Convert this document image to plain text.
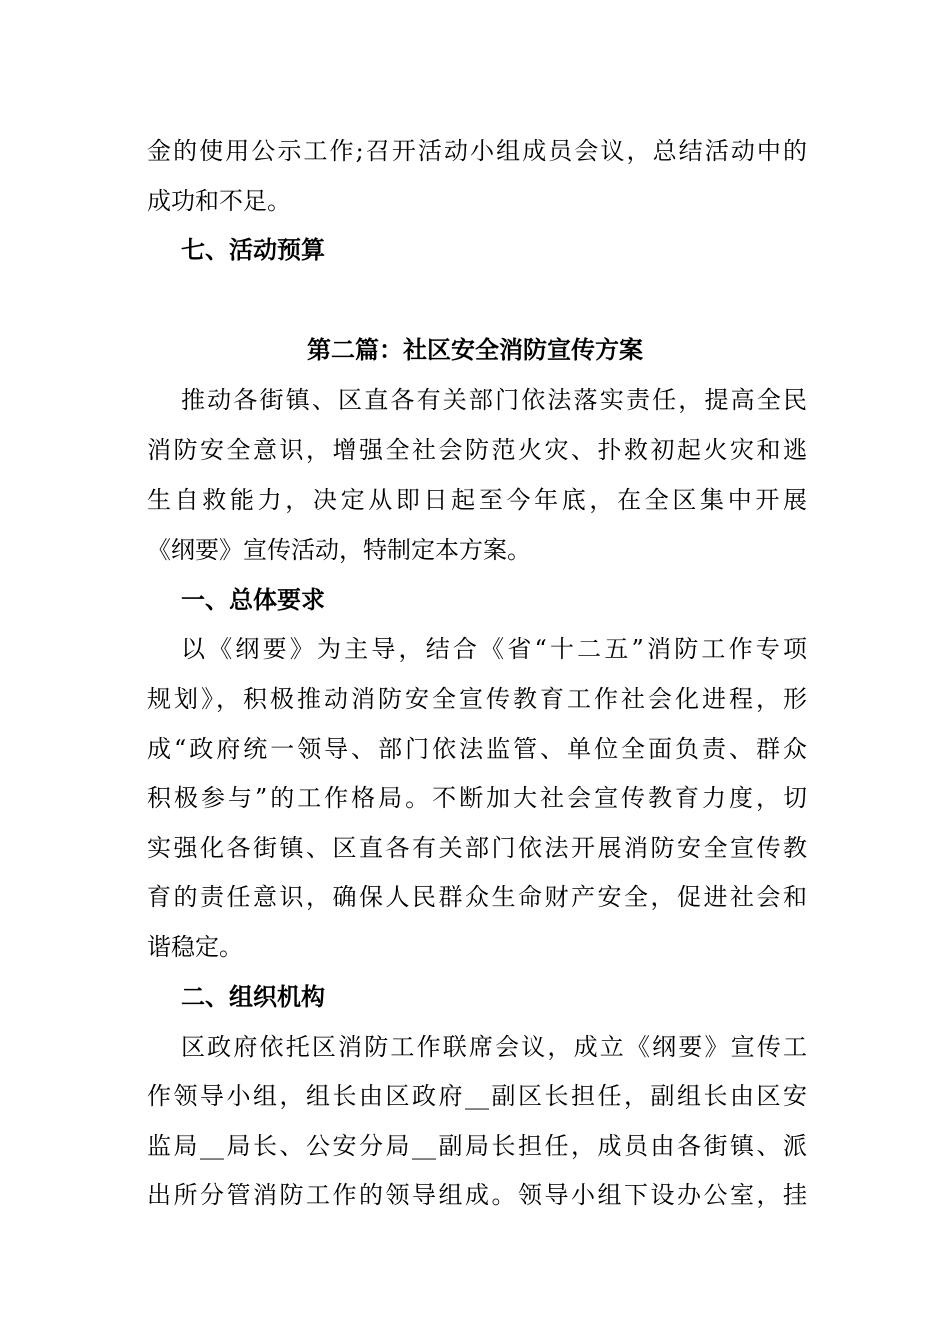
金的使用公示工作;召开活动小组成员会议，总结活动中的

成功和不足。

七、活动预算
第二篇：社区安全消防宣传方案

推动各街镇、区直各有关部门依法落实责任，提高全民

消防安全意识，增强全社会防范火灾、扑救初起火灾和逃

生自救能力，决定从即日起至今年底，在全区集中开展

《纲要》宣传活动，特制定本方案。

一、总体要求

以《纲要》为主导，结合《省“十二五”消防工作专项

规划》，积极推动消防安全宣传教育工作社会化进程，形

成“政府统一领导、部门依法监管、单位全面负责、群众

积极参与”的工作格局。不断加大社会宣传教育力度，切

实强化各街镇、区直各有关部门依法开展消防安全宣传教

育的责任意识，确保人民群众生命财产安全，促进社会和

谐稳定。

二、组织机构

区政府依托区消防工作联席会议，成立《纲要》宣传工

作领导小组，组长由区政府__副区长担任，副组长由区安

监局__局长、公安分局__副局长担任，成员由各街镇、派

出所分管消防工作的领导组成。领导小组下设办公室，挂
